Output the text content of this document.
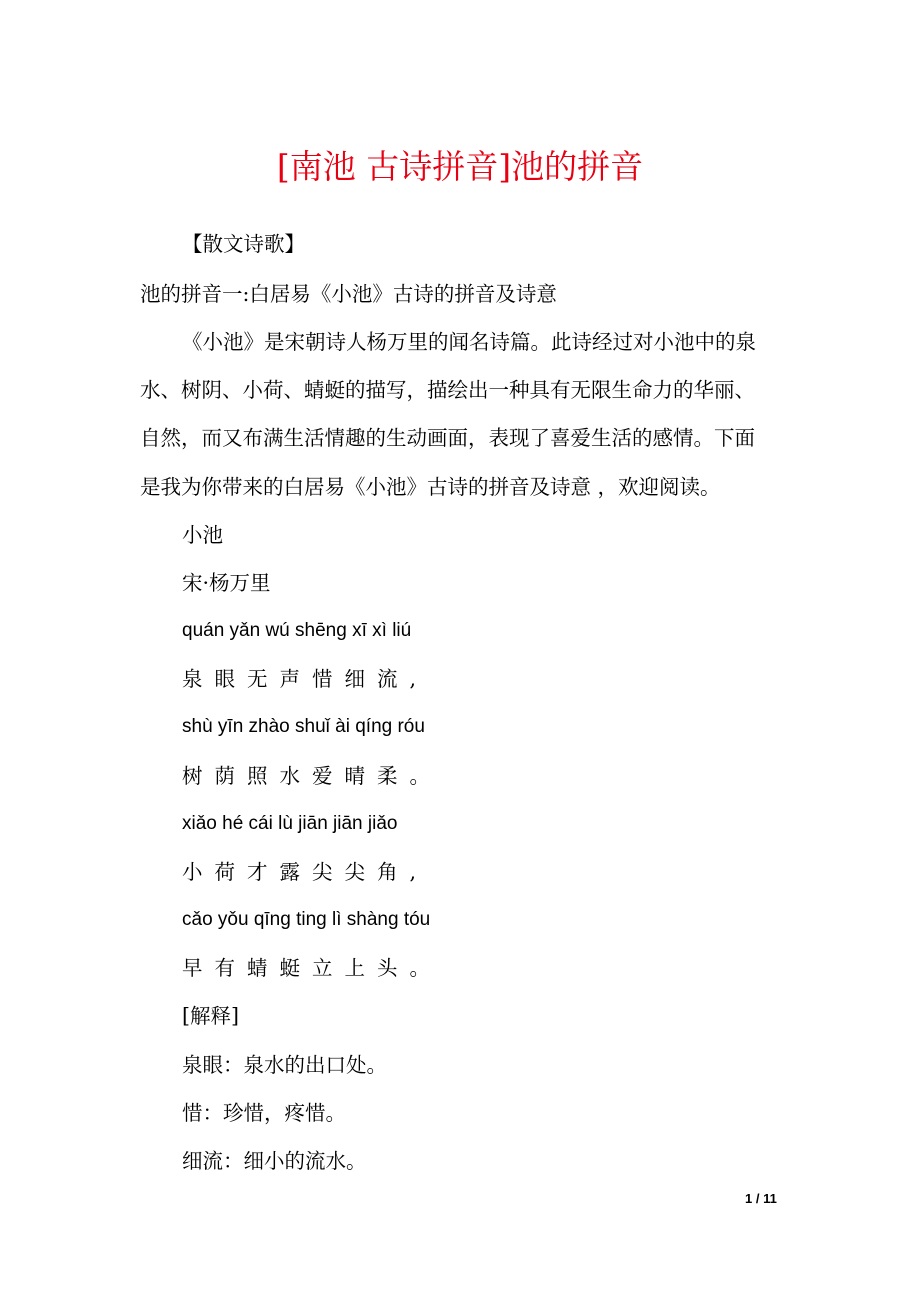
[南池 古诗拼音]池的拼音

【散文诗歌】

池的拼音一:白居易《小池》古诗的拼音及诗意

《小池》是宋朝诗人杨万里的闻名诗篇。此诗经过对小池中的泉

水、树阴、小荷、蜻蜓的描写，描绘出一种具有无限生命力的华丽、

自然，而又布满生活情趣的生动画面，表现了喜爱生活的感情。下面

是我为你带来的白居易《小池》古诗的拼音及诗意 ，欢迎阅读。

小池

宋·杨万里

quán yǎn wú shēng xī xì liú

泉眼无声惜细流,

shù yīn zhào shuǐ ài qíng róu

树荫照水爱晴柔。

xiǎo hé cái lù jiān jiān jiǎo

小荷才露尖尖角,

cǎo yǒu qīng ting lì shàng tóu

早有蜻蜓立上头。

[解释]

泉眼：泉水的出口处。

惜：珍惜，疼惜。

细流：细小的流水。

1 / 11
